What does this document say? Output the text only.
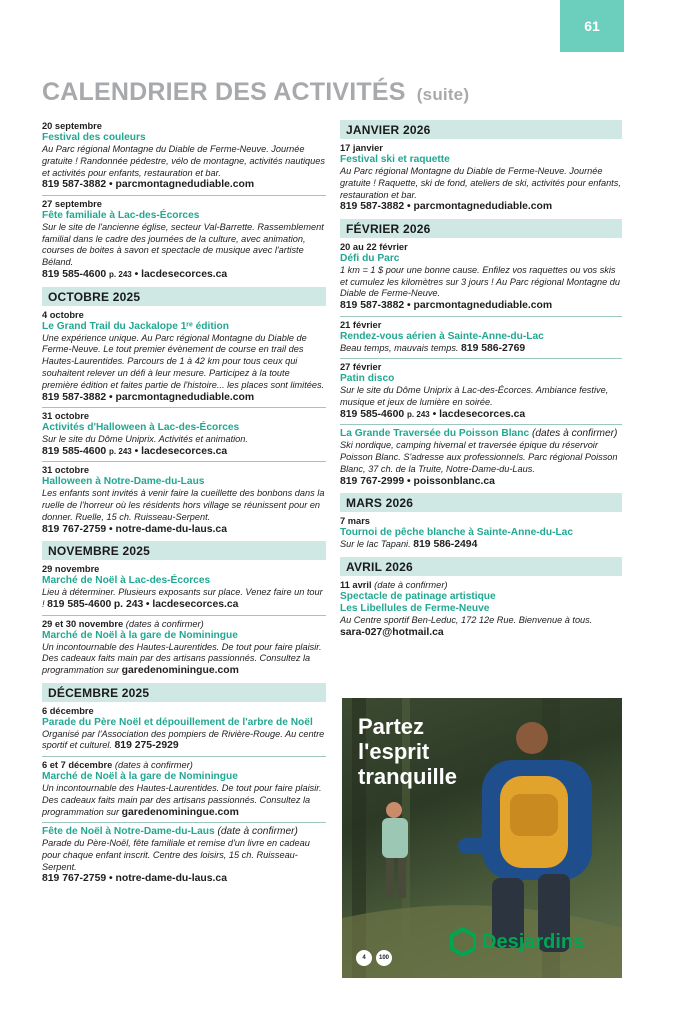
61
CALENDRIER DES ACTIVITÉS (suite)
20 septembre
Festival des couleurs
Au Parc régional Montagne du Diable de Ferme-Neuve. Journée gratuite ! Randonnée pédestre, vélo de montagne, activités nautiques et activités pour enfants, restauration et bar.
819 587-3882 • parcmontagnedudiable.com
27 septembre
Fête familiale à Lac-des-Écorces
Sur le site de l'ancienne église, secteur Val-Barrette. Rassemblement familial dans le cadre des journées de la culture, avec animation, courses de boites à savon et spectacle de musique avec l'artiste Béland.
819 585-4600 p. 243 • lacdesecorces.ca
OCTOBRE 2025
4 octobre
Le Grand Trail du Jackalope 1ʳᵉ édition
Une expérience unique. Au Parc régional Montagne du Diable de Ferme-Neuve. Le tout premier évènement de course en trail des Hautes-Laurentides. Parcours de 1 à 42 km pour tous ceux qui souhaitent relever un défi à leur mesure. Participez à la toute première édition et faites partie de l'histoire... les places sont limitées.
819 587-3882 • parcmontagnedudiable.com
31 octobre
Activités d'Halloween à Lac-des-Écorces
Sur le site du Dôme Uniprix. Activités et animation.
819 585-4600 p. 243 • lacdesecorces.ca
31 octobre
Halloween à Notre-Dame-du-Laus
Les enfants sont invités à venir faire la cueillette des bonbons dans la ruelle de l'horreur où les résidents hors village se réunissent pour en donner. Ruelle, 15 ch. Ruisseau-Serpent.
819 767-2759 • notre-dame-du-laus.ca
NOVEMBRE 2025
29 novembre
Marché de Noël à Lac-des-Écorces
Lieu à déterminer. Plusieurs exposants sur place. Venez faire un tour ! 819 585-4600 p. 243 • lacdesecorces.ca
29 et 30 novembre (dates à confirmer)
Marché de Noël à la gare de Nominingue
Un incontournable des Hautes-Laurentides. De tout pour faire plaisir. Des cadeaux faits main par des artisans passionnés. Consultez la programmation sur garedenominingue.com
DÉCEMBRE 2025
6 décembre
Parade du Père Noël et dépouillement de l'arbre de Noël
Organisé par l'Association des pompiers de Rivière-Rouge. Au centre sportif et culturel. 819 275-2929
6 et 7 décembre (dates à confirmer)
Marché de Noël à la gare de Nominingue
Un incontournable des Hautes-Laurentides. De tout pour faire plaisir. Des cadeaux faits main par des artisans passionnés. Consultez la programmation sur garedenominingue.com
Fête de Noël à Notre-Dame-du-Laus (date à confirmer)
Parade du Père-Noël, fête familiale et remise d'un livre en cadeau pour chaque enfant inscrit. Centre des loisirs, 15 ch. Ruisseau-Serpent.
819 767-2759 • notre-dame-du-laus.ca
JANVIER 2026
17 janvier
Festival ski et raquette
Au Parc régional Montagne du Diable de Ferme-Neuve. Journée gratuite ! Raquette, ski de fond, ateliers de ski, activités pour enfants, restauration et bar.
819 587-3882 • parcmontagnedudiable.com
FÉVRIER 2026
20 au 22 février
Défi du Parc
1 km = 1 $ pour une bonne cause. Enfilez vos raquettes ou vos skis et cumulez les kilomètres sur 3 jours ! Au Parc régional Montagne du Diable de Ferme-Neuve.
819 587-3882 • parcmontagnedudiable.com
21 février
Rendez-vous aérien à Sainte-Anne-du-Lac
Beau temps, mauvais temps. 819 586-2769
27 février
Patin disco
Sur le site du Dôme Uniprix à Lac-des-Écorces. Ambiance festive, musique et jeux de lumière en soirée.
819 585-4600 p. 243 • lacdesecorces.ca
La Grande Traversée du Poisson Blanc (dates à confirmer)
Ski nordique, camping hivernal et traversée épique du réservoir Poisson Blanc. S'adresse aux professionnels. Parc régional Poisson Blanc, 37 ch. de la Truite, Notre-Dame-du-Laus.
819 767-2999 • poissonblanc.ca
MARS 2026
7 mars
Tournoi de pêche blanche à Sainte-Anne-du-Lac
Sur le lac Tapani. 819 586-2494
AVRIL 2026
11 avril (date à confirmer)
Spectacle de patinage artistique
Les Libellules de Ferme-Neuve
Au Centre sportif Ben-Leduc, 172 12e Rue. Bienvenue à tous.
sara-027@hotmail.ca
Partez
l'esprit
tranquille
Desjardins
4	100
